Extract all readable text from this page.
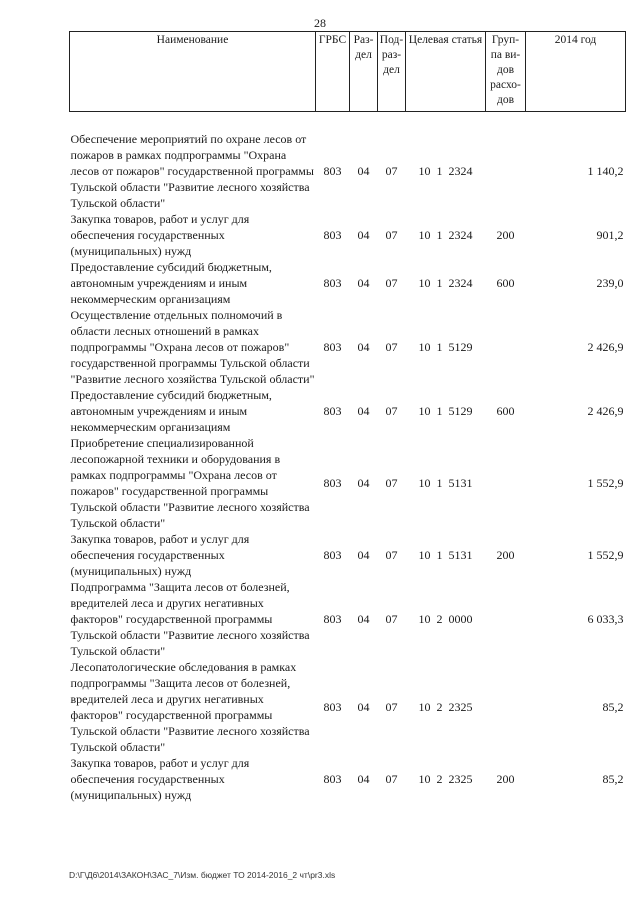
28
Наименование	ГРБС	Раз-дел	Под-раз-дел	Целевая статья	Груп-па ви-дов расхо-дов	2014 год

Обеспечение мероприятий по охране лесов от пожаров в рамках подпрограммы "Охрана лесов от пожаров" государственной программы Тульской области "Развитие лесного хозяйства Тульской области"	803	04	07	10 1 2324		1 140,2
Закупка товаров, работ и услуг для обеспечения государственных (муниципальных) нужд	803	04	07	10 1 2324	200	901,2
Предоставление субсидий бюджетным, автономным учреждениям и иным некоммерческим организациям	803	04	07	10 1 2324	600	239,0
Осуществление отдельных полномочий в области лесных отношений в рамках подпрограммы "Охрана лесов от пожаров" государственной программы Тульской области "Развитие лесного хозяйства Тульской области"	803	04	07	10 1 5129		2 426,9
Предоставление субсидий бюджетным, автономным учреждениям и иным некоммерческим организациям	803	04	07	10 1 5129	600	2 426,9
Приобретение специализированной лесопожарной техники и оборудования в рамках подпрограммы "Охрана лесов от пожаров" государственной программы Тульской области "Развитие лесного хозяйства Тульской области"	803	04	07	10 1 5131		1 552,9
Закупка товаров, работ и услуг для обеспечения государственных (муниципальных) нужд	803	04	07	10 1 5131	200	1 552,9
Подпрограмма "Защита лесов от болезней, вредителей леса и других негативных факторов" государственной программы Тульской области "Развитие лесного хозяйства Тульской области"	803	04	07	10 2 0000		6 033,3
Лесопатологические обследования в рамках подпрограммы "Защита лесов от болезней, вредителей леса и других негативных факторов" государственной программы Тульской области "Развитие лесного хозяйства Тульской области"	803	04	07	10 2 2325		85,2
Закупка товаров, работ и услуг для обеспечения государственных (муниципальных) нужд	803	04	07	10 2 2325	200	85,2
D:\Г\Д6\2014\ЗАКОН\ЗАС_7\Изм. бюджет ТО 2014-2016_2 чт\pr3.xls
